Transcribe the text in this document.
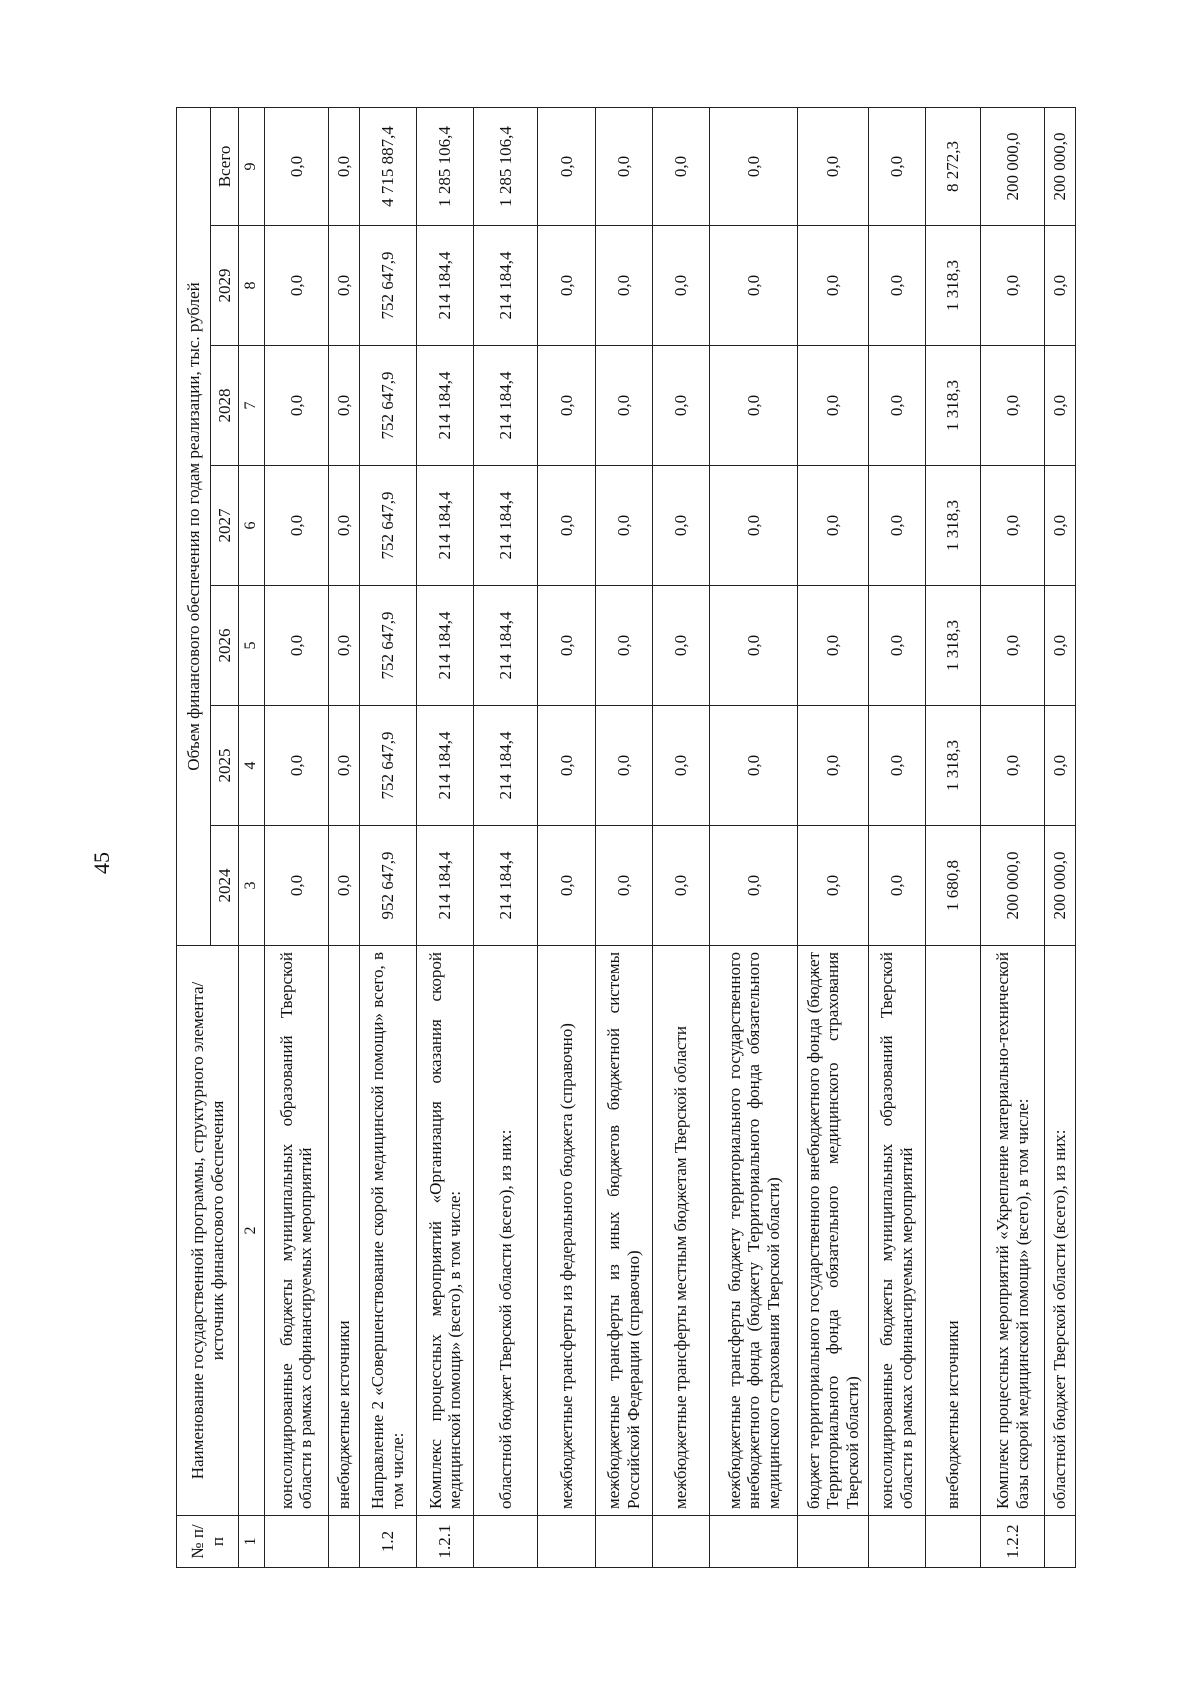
45
№ п/п	Наименование государственной программы, структурного элемента/источник финансового обеспечения	Объем финансового обеспечения по годам реализации, тыс. рублей						
		2024	2025	2026	2027	2028	2029	Всего
1	2	3	4	5	6	7	8	9
	консолидированные бюджеты муниципальных образований Тверской области в рамках софинансируемых мероприятий	0,0	0,0	0,0	0,0	0,0	0,0	0,0
	внебюджетные источники	0,0	0,0	0,0	0,0	0,0	0,0	0,0
1.2	Направление 2 «Совершенствование скорой медицинской помощи» всего, в том числе:	952 647,9	752 647,9	752 647,9	752 647,9	752 647,9	752 647,9	4 715 887,4
1.2.1	Комплекс процессных мероприятий «Организация оказания скорой медицинской помощи» (всего), в том числе:	214 184,4	214 184,4	214 184,4	214 184,4	214 184,4	214 184,4	1 285 106,4
	областной бюджет Тверской области (всего), из них:	214 184,4	214 184,4	214 184,4	214 184,4	214 184,4	214 184,4	1 285 106,4
	межбюджетные трансферты из федерального бюджета (справочно)	0,0	0,0	0,0	0,0	0,0	0,0	0,0
	межбюджетные трансферты из иных бюджетов бюджетной системы Российской Федерации (справочно)	0,0	0,0	0,0	0,0	0,0	0,0	0,0
	межбюджетные трансферты местным бюджетам Тверской области	0,0	0,0	0,0	0,0	0,0	0,0	0,0
	межбюджетные трансферты бюджету территориального государственного внебюджетного фонда (бюджету Территориального фонда обязательного медицинского страхования Тверской области)	0,0	0,0	0,0	0,0	0,0	0,0	0,0
	бюджет территориального государственного внебюджетного фонда (бюджет Территориального фонда обязательного медицинского страхования Тверской области)	0,0	0,0	0,0	0,0	0,0	0,0	0,0
	консолидированные бюджеты муниципальных образований Тверской области в рамках софинансируемых мероприятий	0,0	0,0	0,0	0,0	0,0	0,0	0,0
	внебюджетные источники	1 680,8	1 318,3	1 318,3	1 318,3	1 318,3	1 318,3	8 272,3
1.2.2	Комплекс процессных мероприятий «Укрепление материально-технической базы скорой медицинской помощи» (всего), в том числе:	200 000,0	0,0	0,0	0,0	0,0	0,0	200 000,0
	областной бюджет Тверской области (всего), из них:	200 000,0	0,0	0,0	0,0	0,0	0,0	200 000,0
